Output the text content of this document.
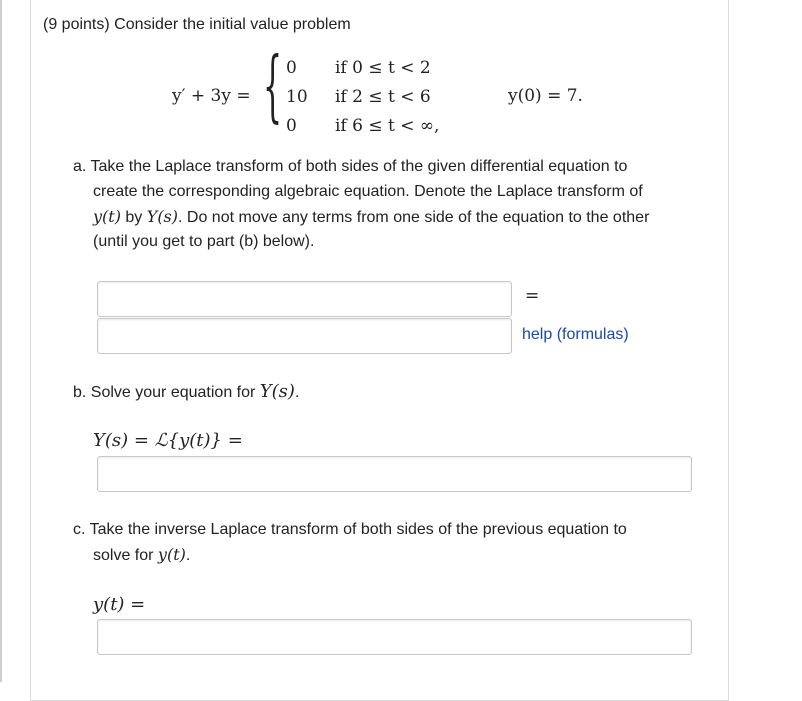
(9 points) Consider the initial value problem
y′ + 3y = { 0 if 0 ≤ t < 2
10 if 2 ≤ t < 6
0 if 6 ≤ t < ∞,
y(0) = 7.
a. Take the Laplace transform of both sides of the given differential equation to
create the corresponding algebraic equation. Denote the Laplace transform of
y(t) by Y(s). Do not move any terms from one side of the equation to the other
(until you get to part (b) below).
=
help (formulas)
b. Solve your equation for Y(s).
Y(s) = ℒ{y(t)} =
c. Take the inverse Laplace transform of both sides of the previous equation to
solve for y(t).
y(t) =
